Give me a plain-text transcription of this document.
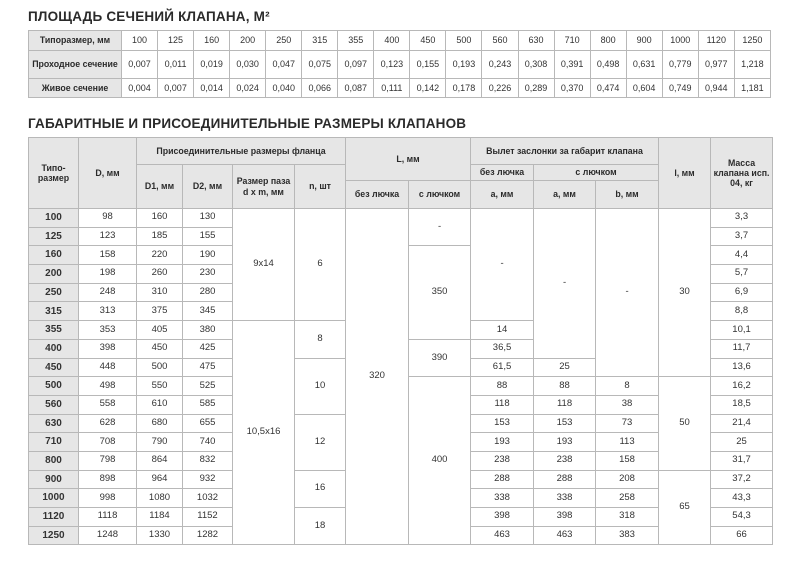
ПЛОЩАДЬ СЕЧЕНИЙ КЛАПАНА, М²
Типоразмер, мм	100	125	160	200	250	315	355	400	450	500	560	630	710	800	900	1000	1120	1250
Проходное сечение	0,007	0,011	0,019	0,030	0,047	0,075	0,097	0,123	0,155	0,193	0,243	0,308	0,391	0,498	0,631	0,779	0,977	1,218
Живое сечение	0,004	0,007	0,014	0,024	0,040	0,066	0,087	0,111	0,142	0,178	0,226	0,289	0,370	0,474	0,604	0,749	0,944	1,181
ГАБАРИТНЫЕ И ПРИСОЕДИНИТЕЛЬНЫЕ РАЗМЕРЫ КЛАПАНОВ
Типо-размер	D, мм	Присоединительные размеры фланца				L, мм		Вылет заслонки за габарит клапана			l, мм	Масса клапана исп. 04, кг
		D1, мм	D2, мм	Размер паза d x m, мм	n, шт			без лючка	с лючком			
						без лючка	с лючком	а, мм	а, мм	b, мм		
100	98	160	130	9x14	6	320	-	-	-	-	30	3,3
125	123	185	155									3,7
160	158	220	190				350					4,4
200	198	260	230									5,7
250	248	310	280									6,9
315	313	375	345									8,8
355	353	405	380	10,5x16	8			14				10,1
400	398	450	425				390	36,5				11,7
450	448	500	475		10			61,5	25			13,6
500	498	550	525				400	88	88	8	50	16,2
560	558	610	585					118	118	38		18,5
630	628	680	655		12			153	153	73		21,4
710	708	790	740					193	193	113		25
800	798	864	832					238	238	158		31,7
900	898	964	932		16			288	288	208	65	37,2
1000	998	1080	1032					338	338	258		43,3
1120	1118	1184	1152		18			398	398	318		54,3
1250	1248	1330	1282					463	463	383		66
